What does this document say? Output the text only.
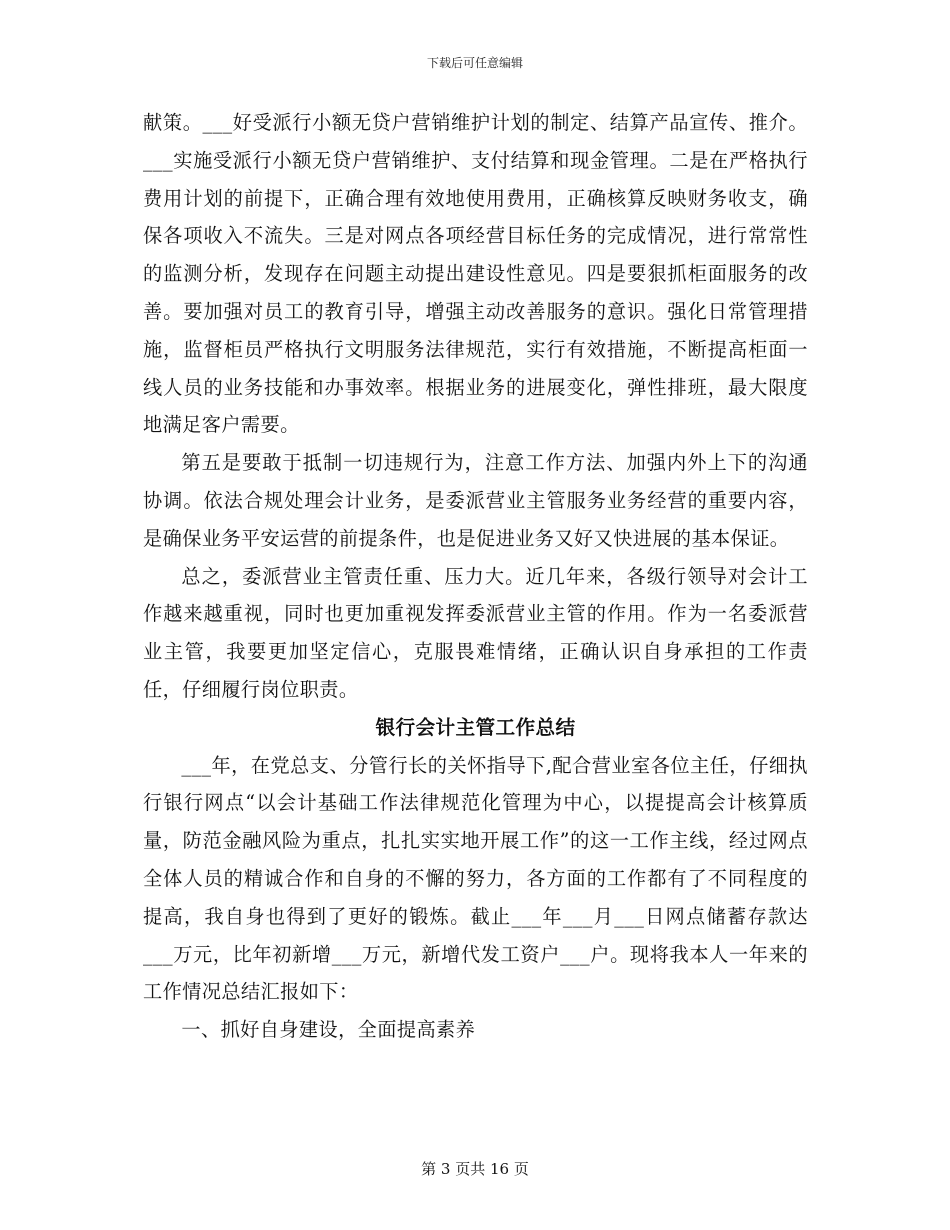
下载后可任意编辑

献策。___好受派行小额无贷户营销维护计划的制定、结算产品宣传、推介。___实施受派行小额无贷户营销维护、支付结算和现金管理。二是在严格执行费用计划的前提下，正确合理有效地使用费用，正确核算反映财务收支，确保各项收入不流失。三是对网点各项经营目标任务的完成情况，进行常常性的监测分析，发现存在问题主动提出建设性意见。四是要狠抓柜面服务的改善。要加强对员工的教育引导，增强主动改善服务的意识。强化日常管理措施，监督柜员严格执行文明服务法律规范，实行有效措施，不断提高柜面一线人员的业务技能和办事效率。根据业务的进展变化，弹性排班，最大限度地满足客户需要。

第五是要敢于抵制一切违规行为，注意工作方法、加强内外上下的沟通协调。依法合规处理会计业务，是委派营业主管服务业务经营的重要内容，是确保业务平安运营的前提条件，也是促进业务又好又快进展的基本保证。

总之，委派营业主管责任重、压力大。近几年来，各级行领导对会计工作越来越重视，同时也更加重视发挥委派营业主管的作用。作为一名委派营业主管，我要更加坚定信心，克服畏难情绪，正确认识自身承担的工作责任，仔细履行岗位职责。

银行会计主管工作总结

___年，在党总支、分管行长的关怀指导下,配合营业室各位主任，仔细执行银行网点“以会计基础工作法律规范化管理为中心，以提提高会计核算质量，防范金融风险为重点，扎扎实实地开展工作”的这一工作主线，经过网点全体人员的精诚合作和自身的不懈的努力，各方面的工作都有了不同程度的提高，我自身也得到了更好的锻炼。截止___年___月___日网点储蓄存款达___万元，比年初新增___万元，新增代发工资户___户。现将我本人一年来的工作情况总结汇报如下：

一、抓好自身建设，全面提高素养

第 3 页共 16 页
